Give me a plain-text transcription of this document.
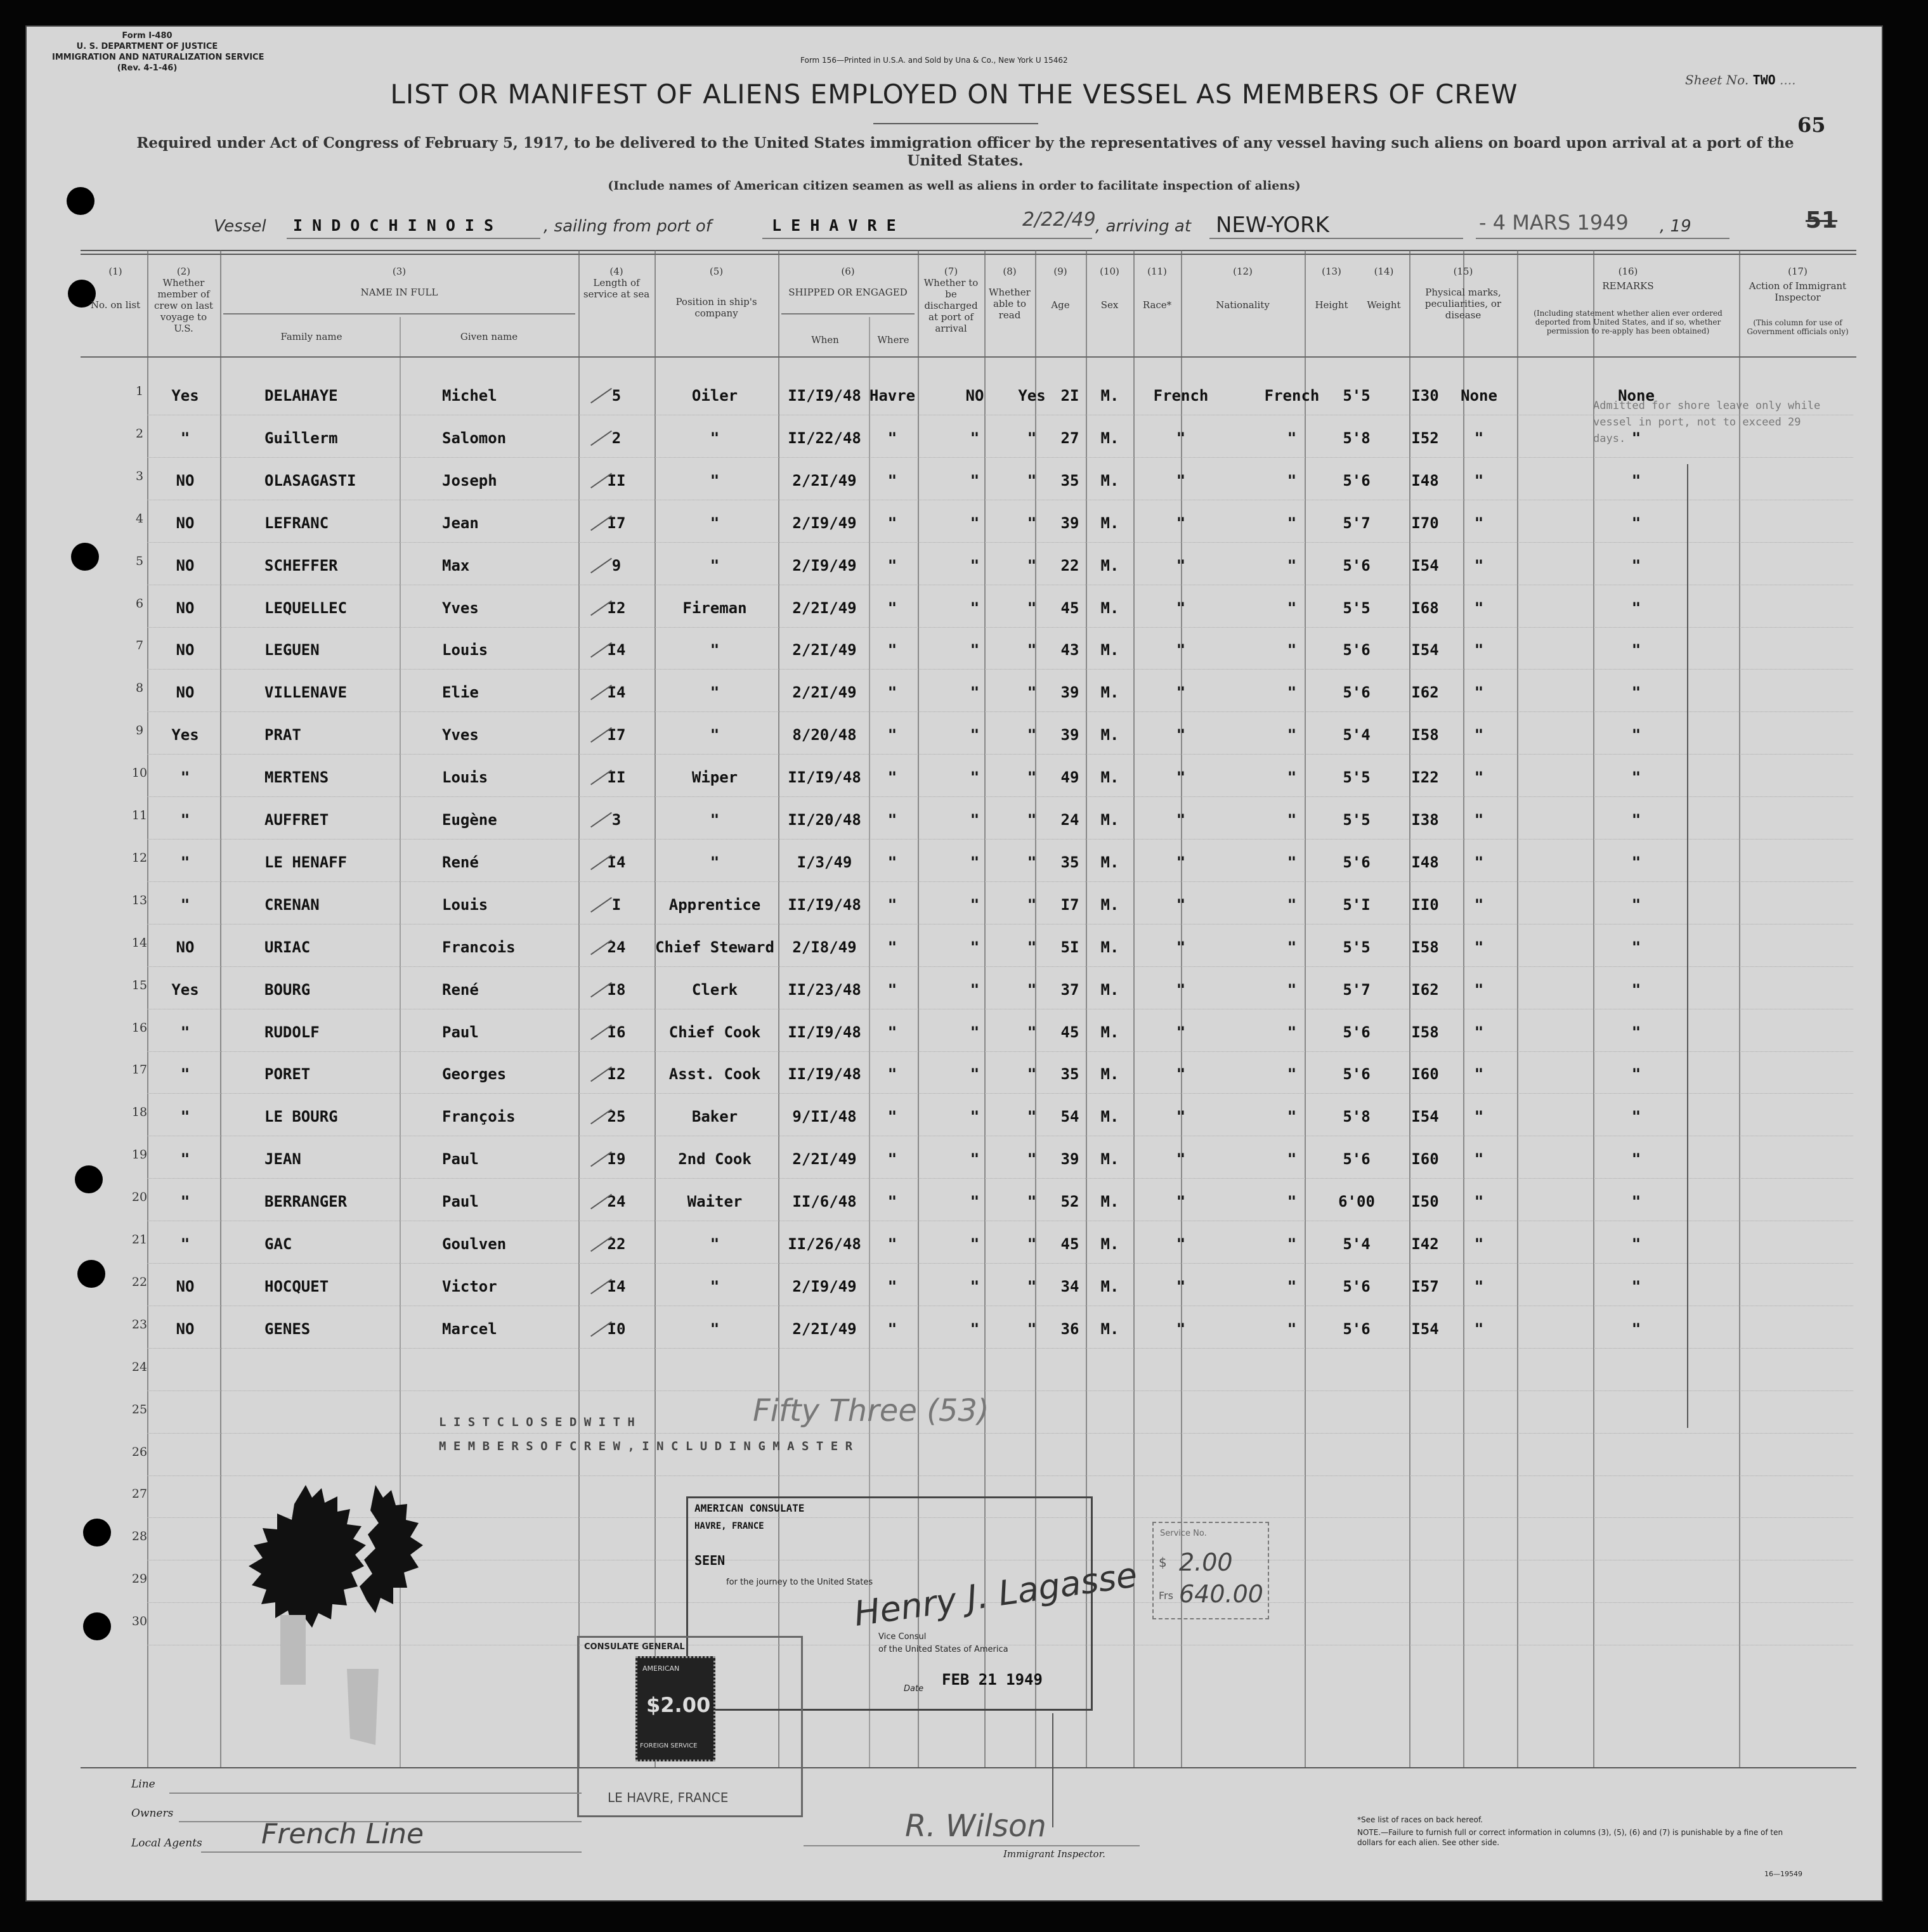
Form I-480
U. S. DEPARTMENT OF JUSTICE
IMMIGRATION AND NATURALIZATION SERVICE
(Rev. 4-1-46)
Form 156—Printed in U.S.A. and Sold by Una & Co., New York U 15462
Sheet No. TWO ....
65
LIST OR MANIFEST OF ALIENS EMPLOYED ON THE VESSEL AS MEMBERS OF CREW
Required under Act of Congress of February 5, 1917, to be delivered to the United States immigration officer by the representatives of any vessel having such aliens on board upon arrival at a port of the United States.
(Include names of American citizen seamen as well as aliens in order to facilitate inspection of aliens)
Vessel I N D O C H I N O I S	, sailing from port of	L E H A V R E	2/22/49 , arriving at NEW-YORK	- 4 MARS 1949 , 19	51
(1)
No. on list
(2)
Whether member of crew on last voyage to U.S.
(3)
NAME IN FULL
(4)
Length of service at sea
(5)
Position in ship's company
(6)
SHIPPED OR ENGAGED
(7)
Whether to be discharged at port of arrival
(8)
Whether able to read
(9)
Age
(10)
Sex
(11)
Race*
(12)
Nationality
(13)
Height
(14)
Weight
(15)
Physical marks, peculiarities, or disease
(16)
REMARKS
(17)
Action of Immigrant Inspector
Family name	Given name	When	Where
(Including statement whether alien ever ordered deported from United States, and if so, whether permission to re-apply has been obtained)
(This column for use of Government officials only)
1	Yes	DELAHAYE	Michel	5	Oiler	II/I9/48 Havre	NO	Yes 2I	M.	French	French	5'5	I30	None	None
2	"	Guillerm	Salomon	2	"	II/22/48	"	"	"	27	M.	"	"	5'8	I52	"	"
3	NO	OLASAGASTI	Joseph	II	"	2/2I/49	"	"	"	35	M.	"	"	5'6	I48	"	"
4	NO	LEFRANC	Jean	I7	"	2/I9/49	"	"	"	39	M.	"	"	5'7	I70	"	"
5	NO	SCHEFFER	Max	9	"	2/I9/49	"	"	"	22	M.	"	"	5'6	I54	"	"
6	NO	LEQUELLEC	Yves	I2	Fireman	2/2I/49	"	"	"	45	M.	"	"	5'5	I68	"	"
7	NO	LEGUEN	Louis	I4	"	2/2I/49	"	"	"	43	M.	"	"	5'6	I54	"	"
8	NO	VILLENAVE	Elie	I4	"	2/2I/49	"	"	"	39	M.	"	"	5'6	I62	"	"
9	Yes	PRAT	Yves	I7	"	8/20/48	"	"	"	39	M.	"	"	5'4	I58	"	"
10	"	MERTENS	Louis	II	Wiper	II/I9/48	"	"	"	49	M.	"	"	5'5	I22	"	"
11	"	AUFFRET	Eugène	3	"	II/20/48	"	"	"	24	M.	"	"	5'5	I38	"	"
12	"	LE HENAFF	René	I4	"	I/3/49	"	"	"	35	M.	"	"	5'6	I48	"	"
13	"	CRENAN	Louis	I	Apprentice	II/I9/48	"	"	"	I7	M.	"	"	5'I	II0	"	"
14	NO	URIAC	Francois	24	Chief Steward	2/I8/49	"	"	"	5I	M.	"	"	5'5	I58	"	"
15	Yes	BOURG	René	I8	Clerk	II/23/48	"	"	"	37	M.	"	"	5'7	I62	"	"
16	"	RUDOLF	Paul	I6	Chief Cook	II/I9/48	"	"	"	45	M.	"	"	5'6	I58	"	"
17	"	PORET	Georges	I2	Asst. Cook	II/I9/48	"	"	"	35	M.	"	"	5'6	I60	"	"
18	"	LE BOURG	François	25	Baker	9/II/48	"	"	"	54	M.	"	"	5'8	I54	"	"
19	"	JEAN	Paul	I9	2nd Cook	2/2I/49	"	"	"	39	M.	"	"	5'6	I60	"	"
20	"	BERRANGER	Paul	24	Waiter	II/6/48	"	"	"	52	M.	"	"	6'00	I50	"	"
21	"	GAC	Goulven	22	"	II/26/48	"	"	"	45	M.	"	"	5'4	I42	"	"
22	NO	HOCQUET	Victor	I4	"	2/I9/49	"	"	"	34	M.	"	"	5'6	I57	"	"
23	NO	GENES	Marcel	I0	"	2/2I/49	"	"	"	36	M.	"	"	5'6	I54	"	"
24
25
26
27
28
29
30
Admitted for shore leave only while vessel in port, not to exceed 29 days.
L I S T C L O S E D W I T H	Fifty Three (53)
M E M B E R S O F C R E W , I N C L U D I N G M A S T E R
AMERICAN CONSULATE
HAVRE, FRANCE
SEEN
for the journey to the United States
Henry J. Lagasse
Vice Consul
of the United States of America
Date
FEB 21 1949
Service No.
$ 2.00
Frs 640.00
CONSULATE GENERAL
LE HAVRE, FRANCE
AMERICAN
$2.00
FOREIGN SERVICE
Line
Owners
Local Agents French Line	R. Wilson
Immigrant Inspector.
*See list of races on back hereof.
NOTE.—Failure to furnish full or correct information in columns (3), (5), (6) and (7) is punishable by a fine of ten dollars for each alien. See other side.
16—19549
